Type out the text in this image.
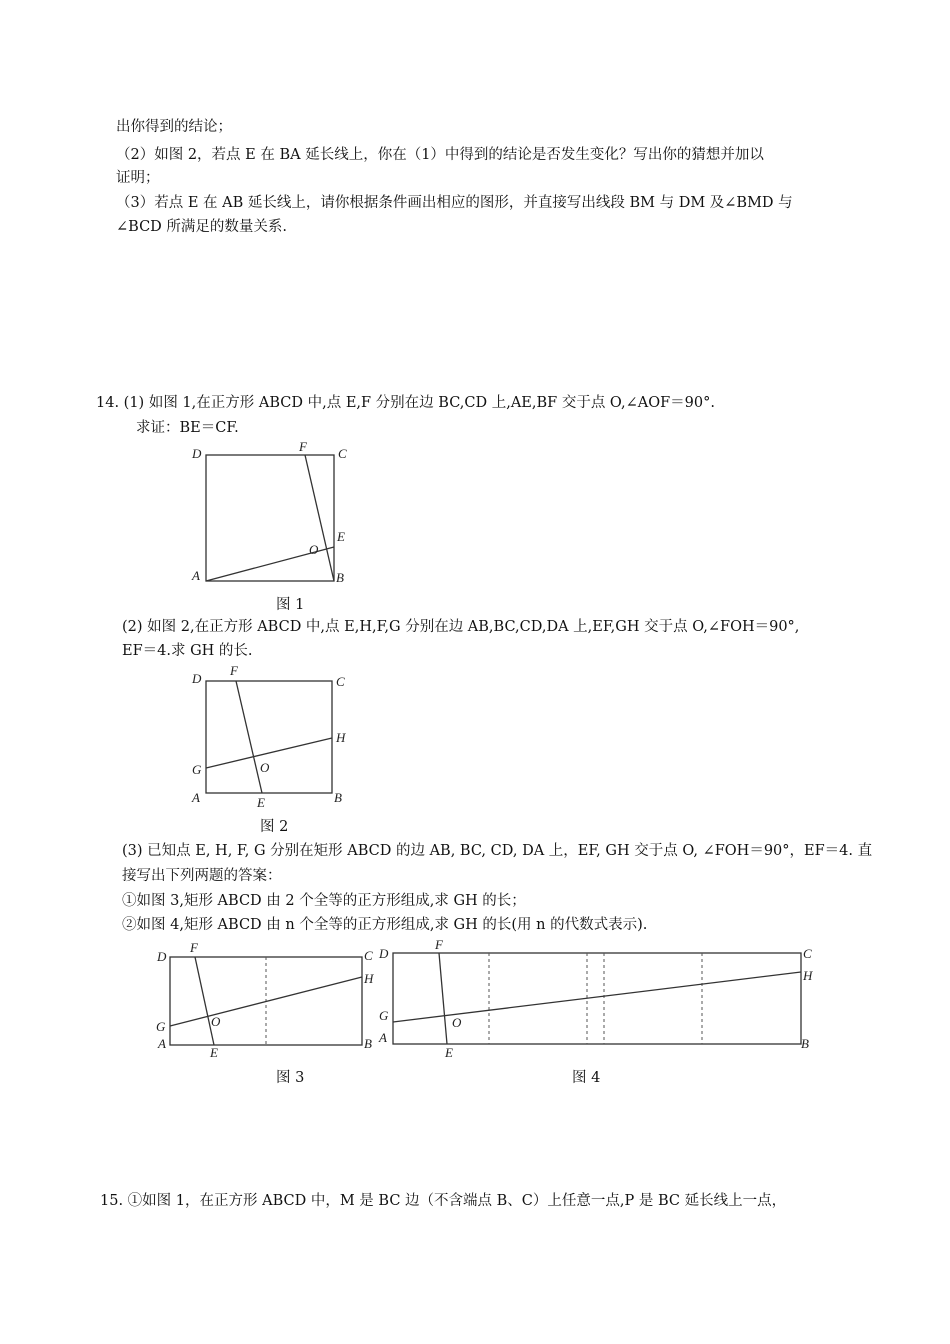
出你得到的结论；
（2）如图 2，若点 E 在 BA 延长线上，你在（1）中得到的结论是否发生变化？写出你的猜想并加以
证明；
（3）若点 E 在 AB 延长线上，请你根据条件画出相应的图形，并直接写出线段 BM 与 DM 及∠BMD 与
∠BCD 所满足的数量关系.
14. (1) 如图 1,在正方形 ABCD 中,点 E,F 分别在边 BC,CD 上,AE,BF 交于点 O,∠AOF＝90°.
求证：BE＝CF.
D	C
F
E
O
A	B
图 1
(2) 如图 2,在正方形 ABCD 中,点 E,H,F,G 分别在边 AB,BC,CD,DA 上,EF,GH 交于点 O,∠FOH＝90°,
EF＝4.求 GH 的长.
D	C
F
H
G	O
A	E	B
图 2
(3) 已知点 E, H, F, G 分别在矩形 ABCD 的边 AB, BC, CD, DA 上，EF, GH 交于点 O, ∠FOH＝90°，EF＝4. 直
接写出下列两题的答案：
①如图 3,矩形 ABCD 由 2 个全等的正方形组成,求 GH 的长；
②如图 4,矩形 ABCD 由 n 个全等的正方形组成,求 GH 的长(用 n 的代数式表示).
D
F
C
H
G	O
A
E
B
图 3
D
F
C
H
G	O
A
E
B
图 4
15. ①如图 1，在正方形 ABCD 中，M 是 BC 边（不含端点 B、C）上任意一点,P 是 BC 延长线上一点，
